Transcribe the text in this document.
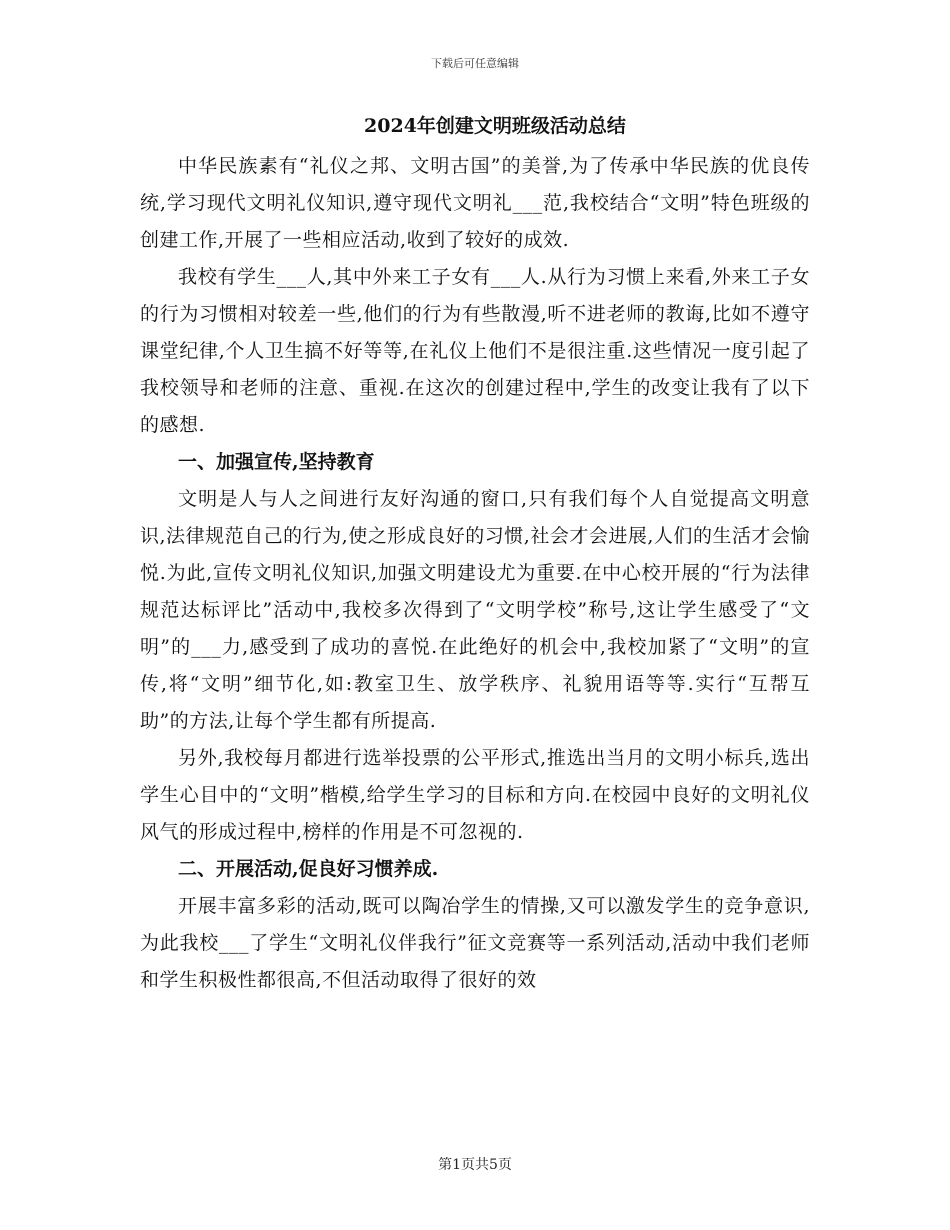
下载后可任意编辑
2024年创建文明班级活动总结

中华民族素有“礼仪之邦、文明古国”的美誉,为了传承中华民族的优良传统,学习现代文明礼仪知识,遵守现代文明礼___范,我校结合“文明”特色班级的创建工作,开展了一些相应活动,收到了较好的成效.

我校有学生___人,其中外来工子女有___人.从行为习惯上来看,外来工子女的行为习惯相对较差一些,他们的行为有些散漫,听不进老师的教诲,比如不遵守课堂纪律,个人卫生搞不好等等,在礼仪上他们不是很注重.这些情况一度引起了我校领导和老师的注意、重视.在这次的创建过程中,学生的改变让我有了以下的感想.

一、加强宣传,坚持教育

文明是人与人之间进行友好沟通的窗口,只有我们每个人自觉提高文明意识,法律规范自己的行为,使之形成良好的习惯,社会才会进展,人们的生活才会愉悦.为此,宣传文明礼仪知识,加强文明建设尤为重要.在中心校开展的“行为法律规范达标评比”活动中,我校多次得到了“文明学校”称号,这让学生感受了“文明”的___力,感受到了成功的喜悦.在此绝好的机会中,我校加紧了“文明”的宣传,将“文明”细节化,如:教室卫生、放学秩序、礼貌用语等等.实行“互帮互助”的方法,让每个学生都有所提高.

另外,我校每月都进行选举投票的公平形式,推选出当月的文明小标兵,选出学生心目中的“文明”楷模,给学生学习的目标和方向.在校园中良好的文明礼仪风气的形成过程中,榜样的作用是不可忽视的.

二、开展活动,促良好习惯养成.

开展丰富多彩的活动,既可以陶冶学生的情操,又可以激发学生的竞争意识,为此我校___了学生“文明礼仪伴我行”征文竞赛等一系列活动,活动中我们老师和学生积极性都很高,不但活动取得了很好的效

第1页共5页
